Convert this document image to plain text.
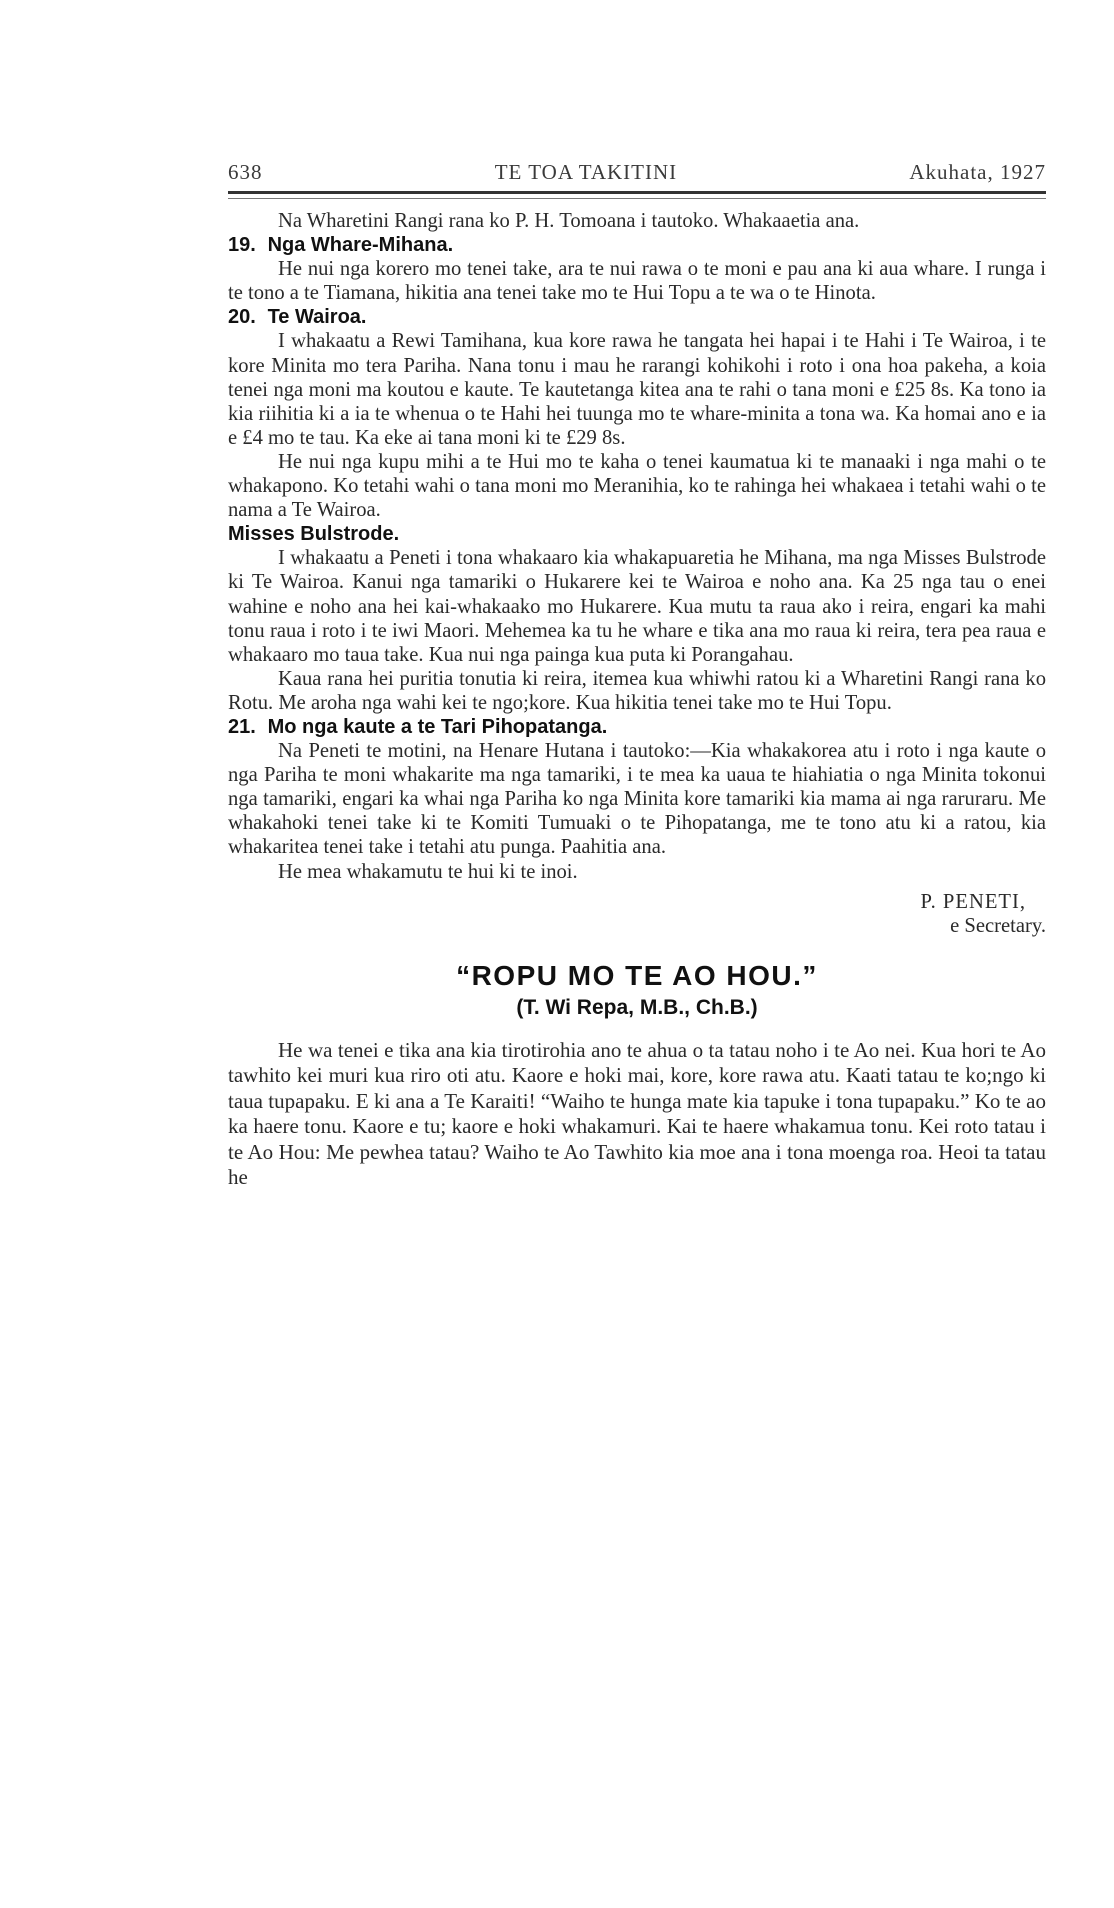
638	TE TOA TAKITINI	Akuhata, 1927

Na Wharetini Rangi rana ko P. H. Tomoana i tautoko. Whakaaetia ana.

19. Nga Whare-Mihana.

He nui nga korero mo tenei take, ara te nui rawa o te moni e pau ana ki aua whare. I runga i te tono a te Tiamana, hikitia ana tenei take mo te Hui Topu a te wa o te Hinota.

20. Te Wairoa.

I whakaatu a Rewi Tamihana, kua kore rawa he tangata hei hapai i te Hahi i Te Wairoa, i te kore Minita mo tera Pariha. Nana tonu i mau he rarangi kohikohi i roto i ona hoa pakeha, a koia tenei nga moni ma koutou e kaute. Te kautetanga kitea ana te rahi o tana moni e £25 8s. Ka tono ia kia riihitia ki a ia te whenua o te Hahi hei tuunga mo te whare-minita a tona wa. Ka homai ano e ia e £4 mo te tau. Ka eke ai tana moni ki te £29 8s.

He nui nga kupu mihi a te Hui mo te kaha o tenei kaumatua ki te manaaki i nga mahi o te whakapono. Ko tetahi wahi o tana moni mo Meranihia, ko te rahinga hei whakaea i tetahi wahi o te nama a Te Wairoa.

Misses Bulstrode.

I whakaatu a Peneti i tona whakaaro kia whakapuaretia he Mihana, ma nga Misses Bulstrode ki Te Wairoa. Kanui nga tamariki o Hukarere kei te Wairoa e noho ana. Ka 25 nga tau o enei wahine e noho ana hei kai-whakaako mo Hukarere. Kua mutu ta raua ako i reira, engari ka mahi tonu raua i roto i te iwi Maori. Mehemea ka tu he whare e tika ana mo raua ki reira, tera pea raua e whakaaro mo taua take. Kua nui nga painga kua puta ki Porangahau.

Kaua rana hei puritia tonutia ki reira, itemea kua whiwhi ratou ki a Wharetini Rangi rana ko Rotu. Me aroha nga wahi kei te ngo;kore. Kua hikitia tenei take mo te Hui Topu.

21. Mo nga kaute a te Tari Pihopatanga.

Na Peneti te motini, na Henare Hutana i tautoko:—Kia whakakorea atu i roto i nga kaute o nga Pariha te moni whakarite ma nga tamariki, i te mea ka uaua te hiahiatia o nga Minita tokonui nga tamariki, engari ka whai nga Pariha ko nga Minita kore tamariki kia mama ai nga raruraru. Me whakahoki tenei take ki te Komiti Tumuaki o te Pihopatanga, me te tono atu ki a ratou, kia whakaritea tenei take i tetahi atu punga. Paahitia ana.

He mea whakamutu te hui ki te inoi.

P. PENETI,
e Secretary.
“ROPU MO TE AO HOU.”
(T. Wi Repa, M.B., Ch.B.)

He wa tenei e tika ana kia tirotirohia ano te ahua o ta tatau noho i te Ao nei. Kua hori te Ao tawhito kei muri kua riro oti atu. Kaore e hoki mai, kore, kore rawa atu. Kaati tatau te ko;ngo ki taua tupapaku. E ki ana a Te Karaiti! “Waiho te hunga mate kia tapuke i tona tupapaku.” Ko te ao ka haere tonu. Kaore e tu; kaore e hoki whakamuri. Kai te haere whakamua tonu. Kei roto tatau i te Ao Hou: Me pewhea tatau? Waiho te Ao Tawhito kia moe ana i tona moenga roa. Heoi ta tatau he
